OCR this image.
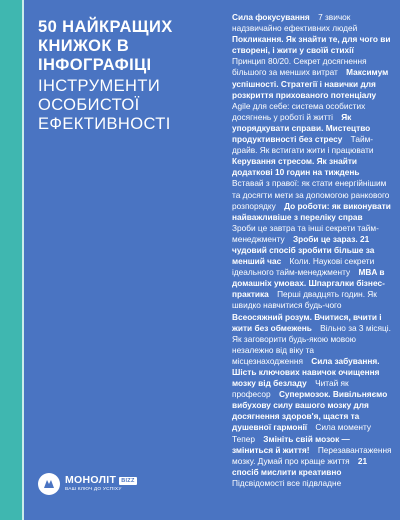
50 НАЙКРАЩИХ КНИЖОК В ІНФОГРАФІЦІ
ІНСТРУМЕНТИ ОСОБИСТОЇ ЕФЕКТИВНОСТІ
Сила фокусування  7 звичок надзвичайно ефективних людей Покликання. Як знайти те, для чого ви створені, і жити у своїй стихії Принцип 80/20. Секрет досягнення більшого за менших витрат  Максимум успішності. Стратегії і навички для розкриття прихованого потенціалу Agile для себе: система особистих досягнень у роботі й житті  Як упорядкувати справи. Мистецтво продуктивності без стресу  Тайм-драйв. Як встигати жити і працювати Керування стресом. Як знайти додаткові 10 годин на тиждень Вставай з правої: як стати енергійнішим та досягти мети за допомогою ранкового розпорядку  До роботи: як виконувати найважливіше з переліку справ Зроби це завтра та інші секрети тайм-менеджменту  Зроби це зараз. 21 чудовий спосіб зробити більше за менший час  Коли. Наукові секрети ідеального тайм-менеджменту  MBA в домашніх умовах. Шпаргалки бізнес-практика  Перші двадцять годин. Як швидко навчитися будь-чого Всеосяжний розум. Вчитися, вчити і жити без обмежень  Вільно за 3 місяці. Як заговорити будь-якою мовою незалежно від віку та місцезнаходження  Сила забування. Шість ключових навичок очищення мозку від безладу  Читай як професор  Супермозок. Вивільняємо вибухову силу вашого мозку для досягнення здоров'я, щастя та душевної гармонії  Сила моменту Тепер  Змініть свій мозок — зміниться й життя!  Перезавантаження мозку. Думай про краще життя  21 спосіб мислити креативно Підсвідомості все підвладне 
МОНОЛІТ BIZZ
ВАШ КЛЮЧ ДО УСПІХУ
